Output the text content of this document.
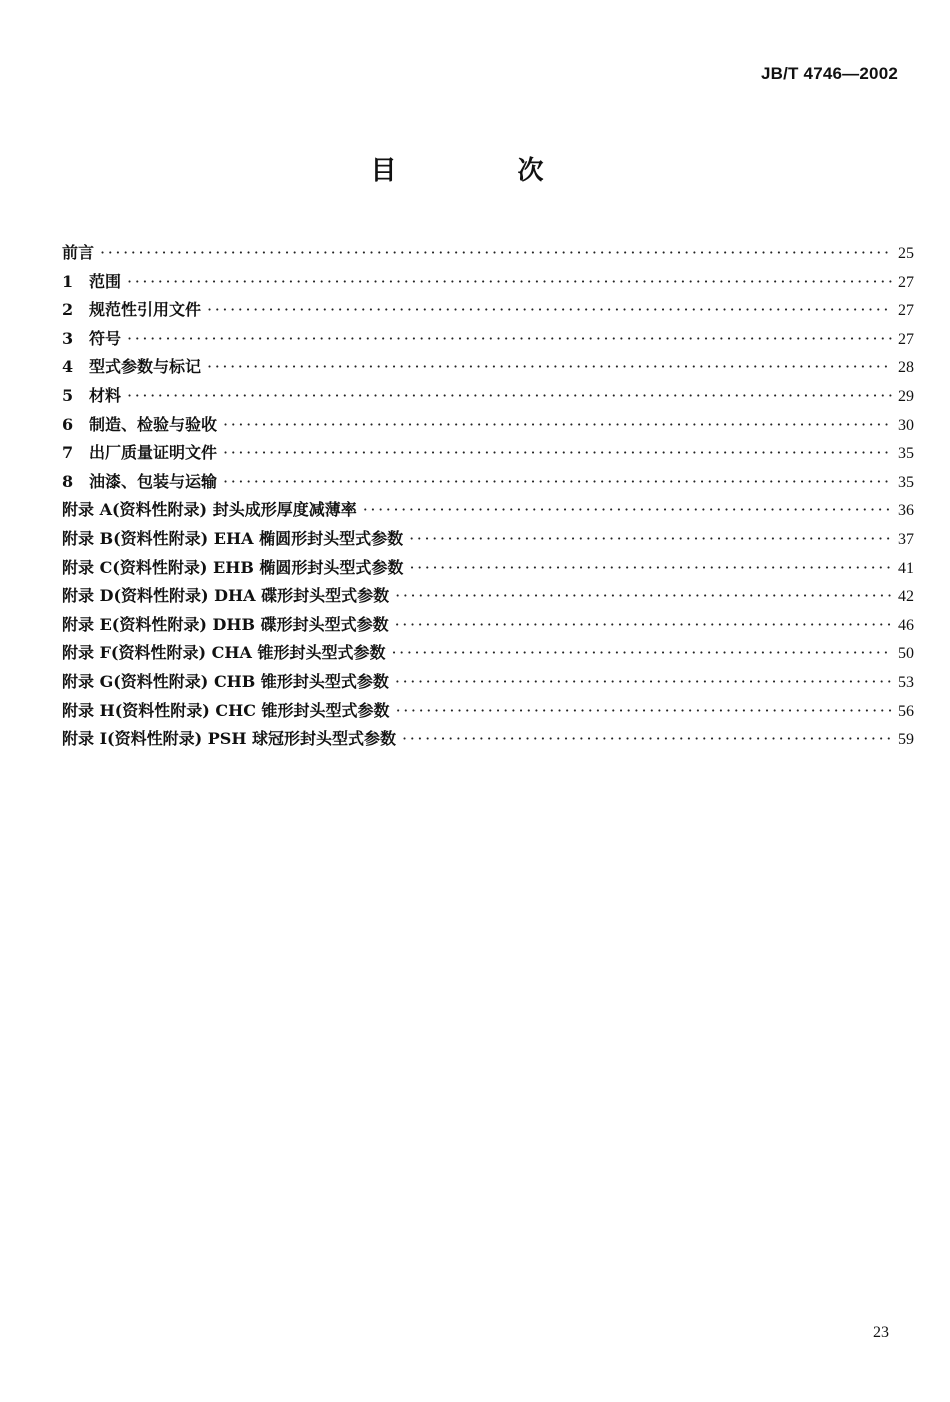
JB/T 4746—2002
目 次
前言 ·····	25
1 范围 ·····	27
2 规范性引用文件 ·····	27
3 符号 ·····	27
4 型式参数与标记 ·····	28
5 材料 ·····	29
6 制造、检验与验收 ·····	30
7 出厂质量证明文件 ·····	35
8 油漆、包装与运输 ·····	35
附录 A(资料性附录) 封头成形厚度减薄率 ·····	36
附录 B(资料性附录) EHA 椭圆形封头型式参数 ·····	37
附录 C(资料性附录) EHB 椭圆形封头型式参数 ·····	41
附录 D(资料性附录) DHA 碟形封头型式参数 ·····	42
附录 E(资料性附录) DHB 碟形封头型式参数 ·····	46
附录 F(资料性附录) CHA 锥形封头型式参数 ·····	50
附录 G(资料性附录) CHB 锥形封头型式参数 ·····	53
附录 H(资料性附录) CHC 锥形封头型式参数 ·····	56
附录 I(资料性附录) PSH 球冠形封头型式参数 ·····	59
23
